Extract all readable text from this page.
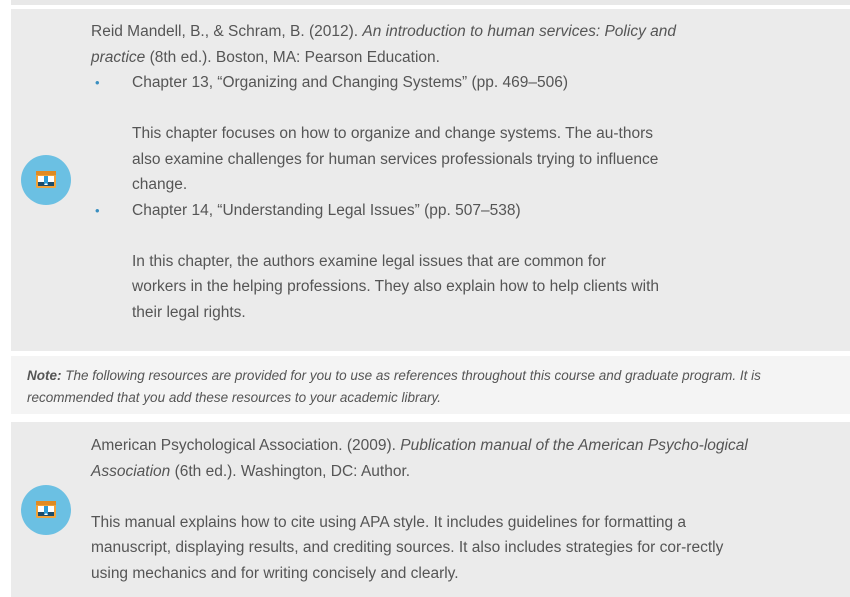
Reid Mandell, B., & Schram, B. (2012). An introduction to human services: Policy and practice (8th ed.). Boston, MA: Pearson Education.

• Chapter 13, “Organizing and Changing Systems” (pp. 469–506)

This chapter focuses on how to organize and change systems. The au-thors also examine challenges for human services professionals trying to influence change.

• Chapter 14, “Understanding Legal Issues” (pp. 507–538)

In this chapter, the authors examine legal issues that are common for workers in the helping professions. They also explain how to help clients with their legal rights.

Note: The following resources are provided for you to use as references throughout this course and graduate program. It is recommended that you add these resources to your academic library.

American Psychological Association. (2009). Publication manual of the American Psycho-logical Association (6th ed.). Washington, DC: Author.

This manual explains how to cite using APA style. It includes guidelines for formatting a manuscript, displaying results, and crediting sources. It also includes strategies for cor-rectly using mechanics and for writing concisely and clearly.
